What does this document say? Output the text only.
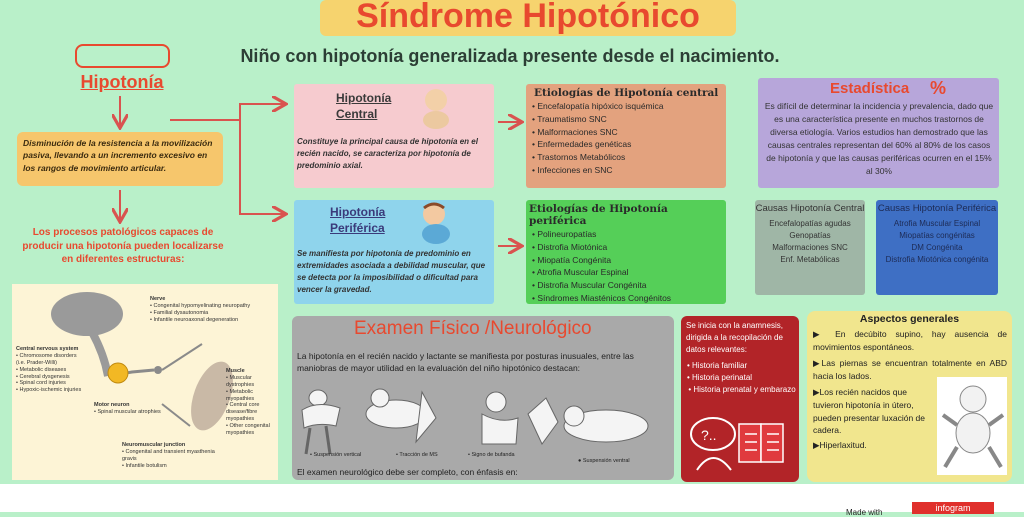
Síndrome Hipotónico
Niño con hipotonía generalizada presente desde el nacimiento.
Hipotonía
Disminución de la resistencia a la movilización pasiva, llevando a un incremento excesivo en los rangos de movimiento articular.
Los procesos patológicos capaces de producir una hipotonía pueden localizarse en diferentes estructuras:
Nerve
• Congenital hypomyelinating neuropathy
• Familial dysautonomia
• Infantile neuroaxonal degeneration
Central nervous system
• Chromosome disorders (i.e. Prader-Willi)
• Metabolic diseases
• Cerebral dysgenesis
• Spinal cord injuries
• Hypoxic-ischemic injuries
Motor neuron
• Spinal muscular atrophies
Muscle
• Muscular dystrophies
• Metabolic myopathies
• Central core disease/fibre myopathies
• Other congenital myopathies
Neuromuscular junction
• Congenital and transient myasthenia gravis
• Infantile botulism
Hipotonía
Central
Constituye la principal causa de hipotonía en el recién nacido, se caracteriza por hipotonía de predominio axial.
Hipotonía
Periférica
Se manifiesta por hipotonía de predominio en extremidades asociada a debilidad muscular, que se detecta por la imposibilidad o dificultad para vencer la gravedad.
Etiologías de Hipotonía central
• Encefalopatía hipóxico isquémica
• Traumatismo SNC
• Malformaciones SNC
• Enfermedades genéticas
• Trastornos Metabólicos
• Infecciones en SNC
Etiologías de Hipotonía periférica
• Polineuropatías
• Distrofia Miotónica
• Miopatía Congénita
• Atrofia Muscular Espinal
• Distrofia Muscular Congénita
• Síndromes Miasténicos Congénitos
Estadística %
Es difícil de determinar la incidencia y prevalencia, dado que es una característica presente en muchos trastornos de diversa etiología. Varios estudios han demostrado que las causas centrales representan del 60% al 80% de los casos de hipotonía y que las causas periféricas ocurren en el 15% al 30%
Causas Hipotonía Central
Encefalopatías agudas
Genopatías
Malformaciones SNC
Enf. Metabólicas
Causas Hipotonía Periférica
Atrofia Muscular Espinal
Miopatías congénitas
DM Congénita
Distrofia Miotónica congénita
Examen Físico /Neurológico
La hipotonía en el recién nacido y lactante se manifiesta por posturas inusuales, entre las maniobras de mayor utilidad en la evaluación del niño hipotónico destacan:
• Suspensión vertical	• Tracción de MS	• Signo de bufanda
● Suspensión ventral
El examen neurológico debe ser completo, con énfasis en:
Se inicia con la anamnesis, dirigida a la recopilación de datos relevantes:
• Historia familiar
• Historia perinatal
• Historia prenatal y embarazo
?..
Aspectos generales
▶ En decúbito supino, hay ausencia de movimientos espontáneos.
▶Las piernas se encuentran totalmente en ABD hacia los lados.
▶Los recién nacidos que tuvieron hipotonía in útero, pueden presentar luxación de cadera.
▶Hiperlaxitud.
Made with	infogram
